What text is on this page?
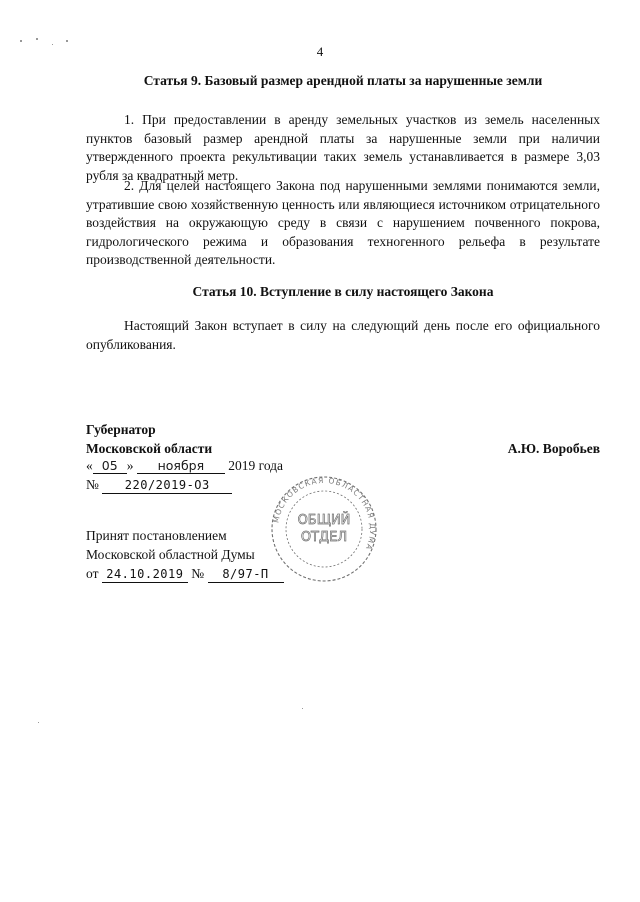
4
Статья 9. Базовый размер арендной платы за нарушенные земли
1. При предоставлении в аренду земельных участков из земель населенных пунктов базовый размер арендной платы за нарушенные земли при наличии утвержденного проекта рекультивации таких земель устанавливается в размере 3,03 рубля за квадратный метр.
2. Для целей настоящего Закона под нарушенными землями понимаются земли, утратившие свою хозяйственную ценность или являющиеся источником отрицательного воздействия на окружающую среду в связи с нарушением почвенного покрова, гидрологического режима и образования техногенного рельефа в результате производственной деятельности.
Статья 10. Вступление в силу настоящего Закона
Настоящий Закон вступает в силу на следующий день после его официального опубликования.
Губернатор
Московской области	А.Ю. Воробьев
« 05 » ноября 2019 года
№ 220/2019-ОЗ
Принят постановлением
Московской областной Думы
от 24.10.2019 № 8/97-П
МОСКОВСКАЯ ОБЛАСТНАЯ ДУМА
ОБЩИЙ
ОТДЕЛ
